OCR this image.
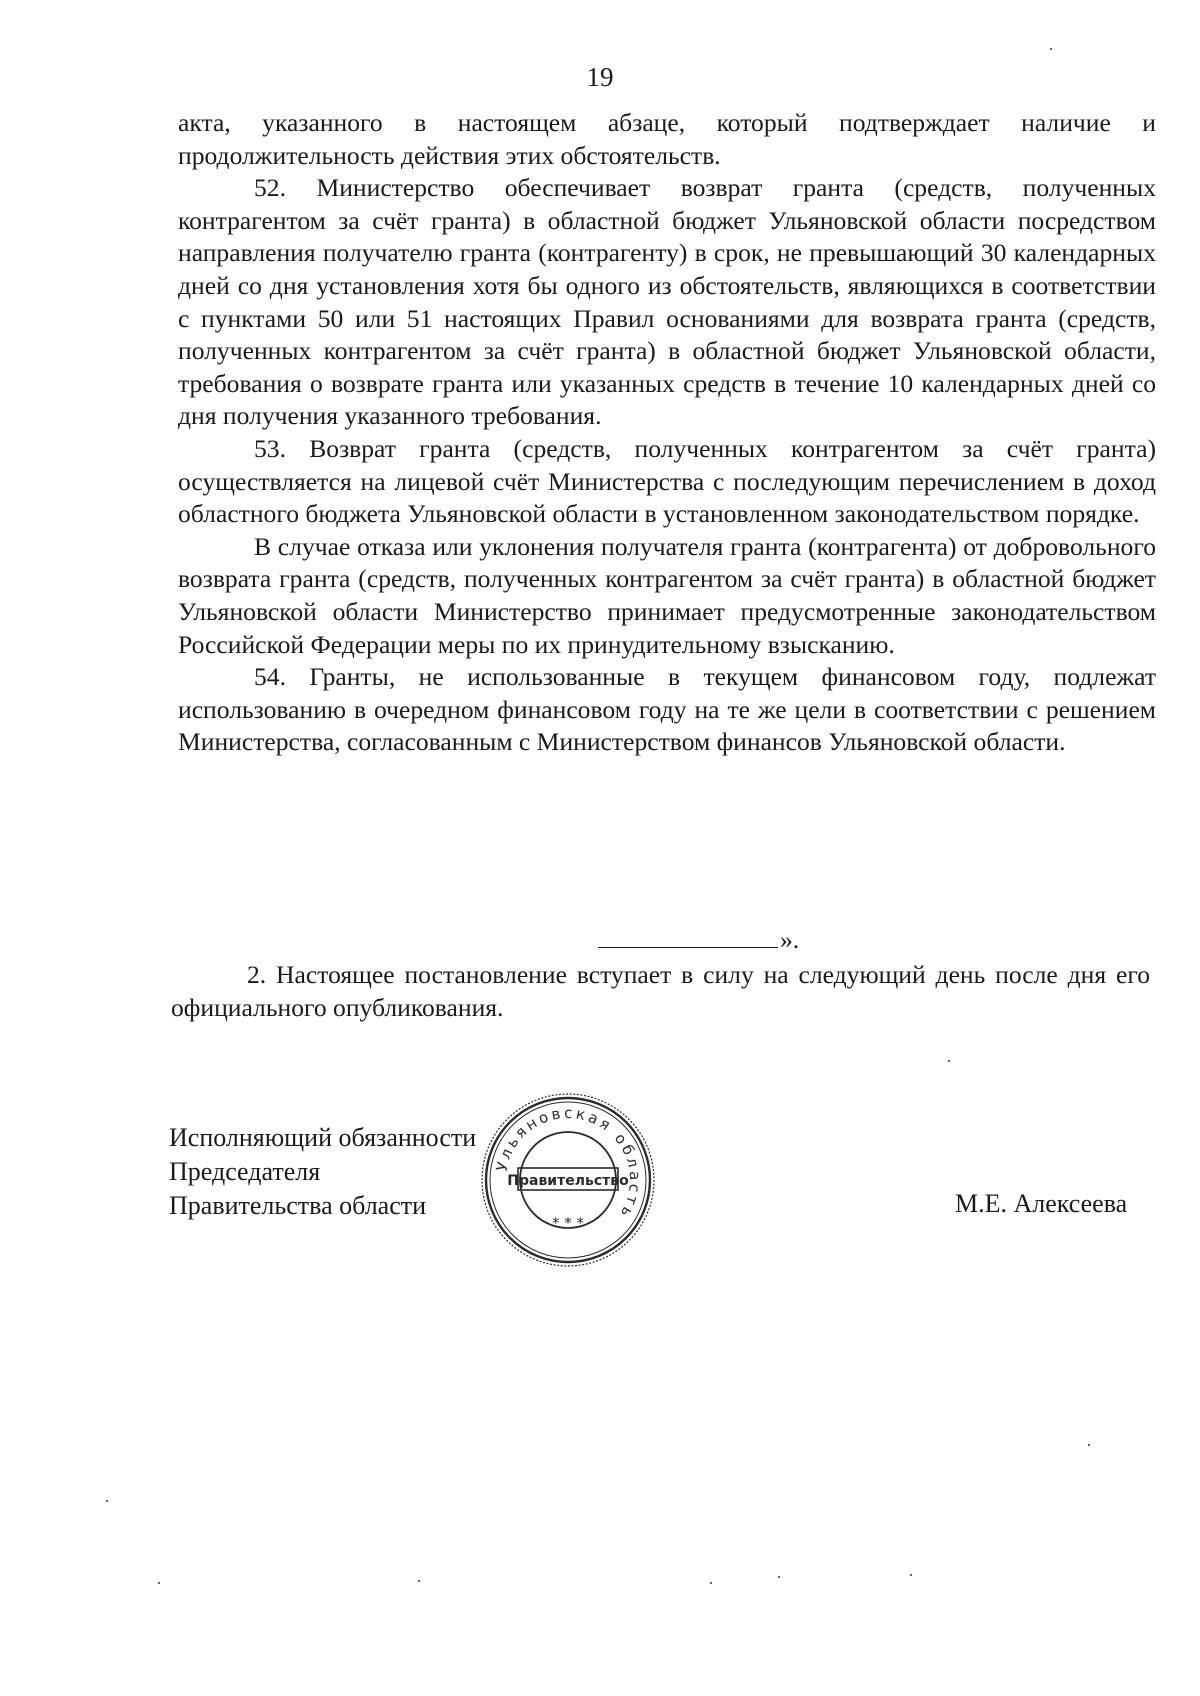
19

акта, указанного в настоящем абзаце, который подтверждает наличие и продолжительность действия этих обстоятельств.

52. Министерство обеспечивает возврат гранта (средств, полученных контрагентом за счёт гранта) в областной бюджет Ульяновской области посредством направления получателю гранта (контрагенту) в срок, не превышающий 30 календарных дней со дня установления хотя бы одного из обстоятельств, являющихся в соответствии с пунктами 50 или 51 настоящих Правил основаниями для возврата гранта (средств, полученных контрагентом за счёт гранта) в областной бюджет Ульяновской области, требования о возврате гранта или указанных средств в течение 10 календарных дней со дня получения указанного требования.

53. Возврат гранта (средств, полученных контрагентом за счёт гранта) осуществляется на лицевой счёт Министерства с последующим перечислением в доход областного бюджета Ульяновской области в установленном законодательством порядке.

В случае отказа или уклонения получателя гранта (контрагента) от добровольного возврата гранта (средств, полученных контрагентом за счёт гранта) в областной бюджет Ульяновской области Министерство принимает предусмотренные законодательством Российской Федерации меры по их принудительному взысканию.

54. Гранты, не использованные в текущем финансовом году, подлежат использованию в очередном финансовом году на те же цели в соответствии с решением Министерства, согласованным с Министерством финансов Ульяновской области.

».

2. Настоящее постановление вступает в силу на следующий день после дня его официального опубликования.

Исполняющий обязанности
Председателя
Правительства области	М.Е. Алексеева
Ульяновская область
Правительство
* * *
